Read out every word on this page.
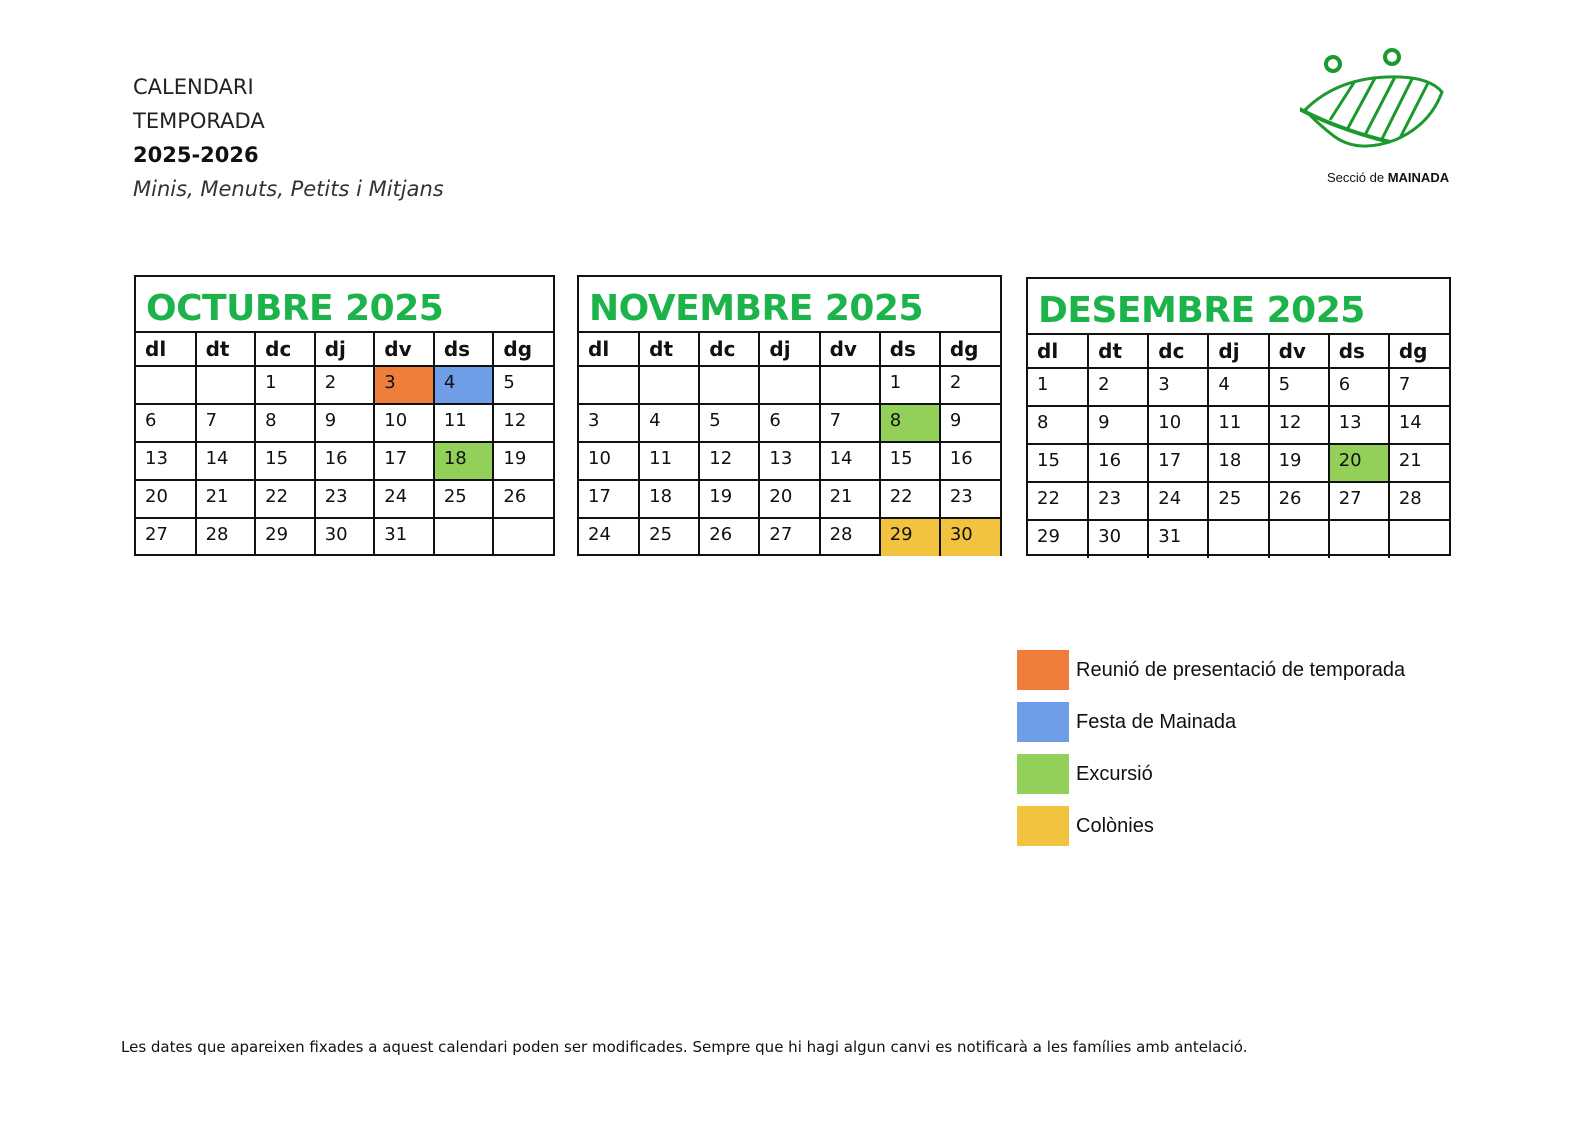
CALENDARI
TEMPORADA
2025-2026
Minis, Menuts, Petits i Mitjans	Secció de MAINADA
OCTUBRE 2025
dl	dt	dc	dj	dv	ds	dg
		1	2	3	4	5
6	7	8	9	10	11	12
13	14	15	16	17	18	19
20	21	22	23	24	25	26
27	28	29	30	31		
NOVEMBRE 2025
dl	dt	dc	dj	dv	ds	dg
					1	2
3	4	5	6	7	8	9
10	11	12	13	14	15	16
17	18	19	20	21	22	23
24	25	26	27	28	29	30
DESEMBRE 2025
dl	dt	dc	dj	dv	ds	dg
1	2	3	4	5	6	7
8	9	10	11	12	13	14
15	16	17	18	19	20	21
22	23	24	25	26	27	28
29	30	31				
Reunió de presentació de temporada
Festa de Mainada
Excursió
Colònies
Les dates que apareixen fixades a aquest calendari poden ser modificades. Sempre que hi hagi algun canvi es notificarà a les famílies amb antelació.
